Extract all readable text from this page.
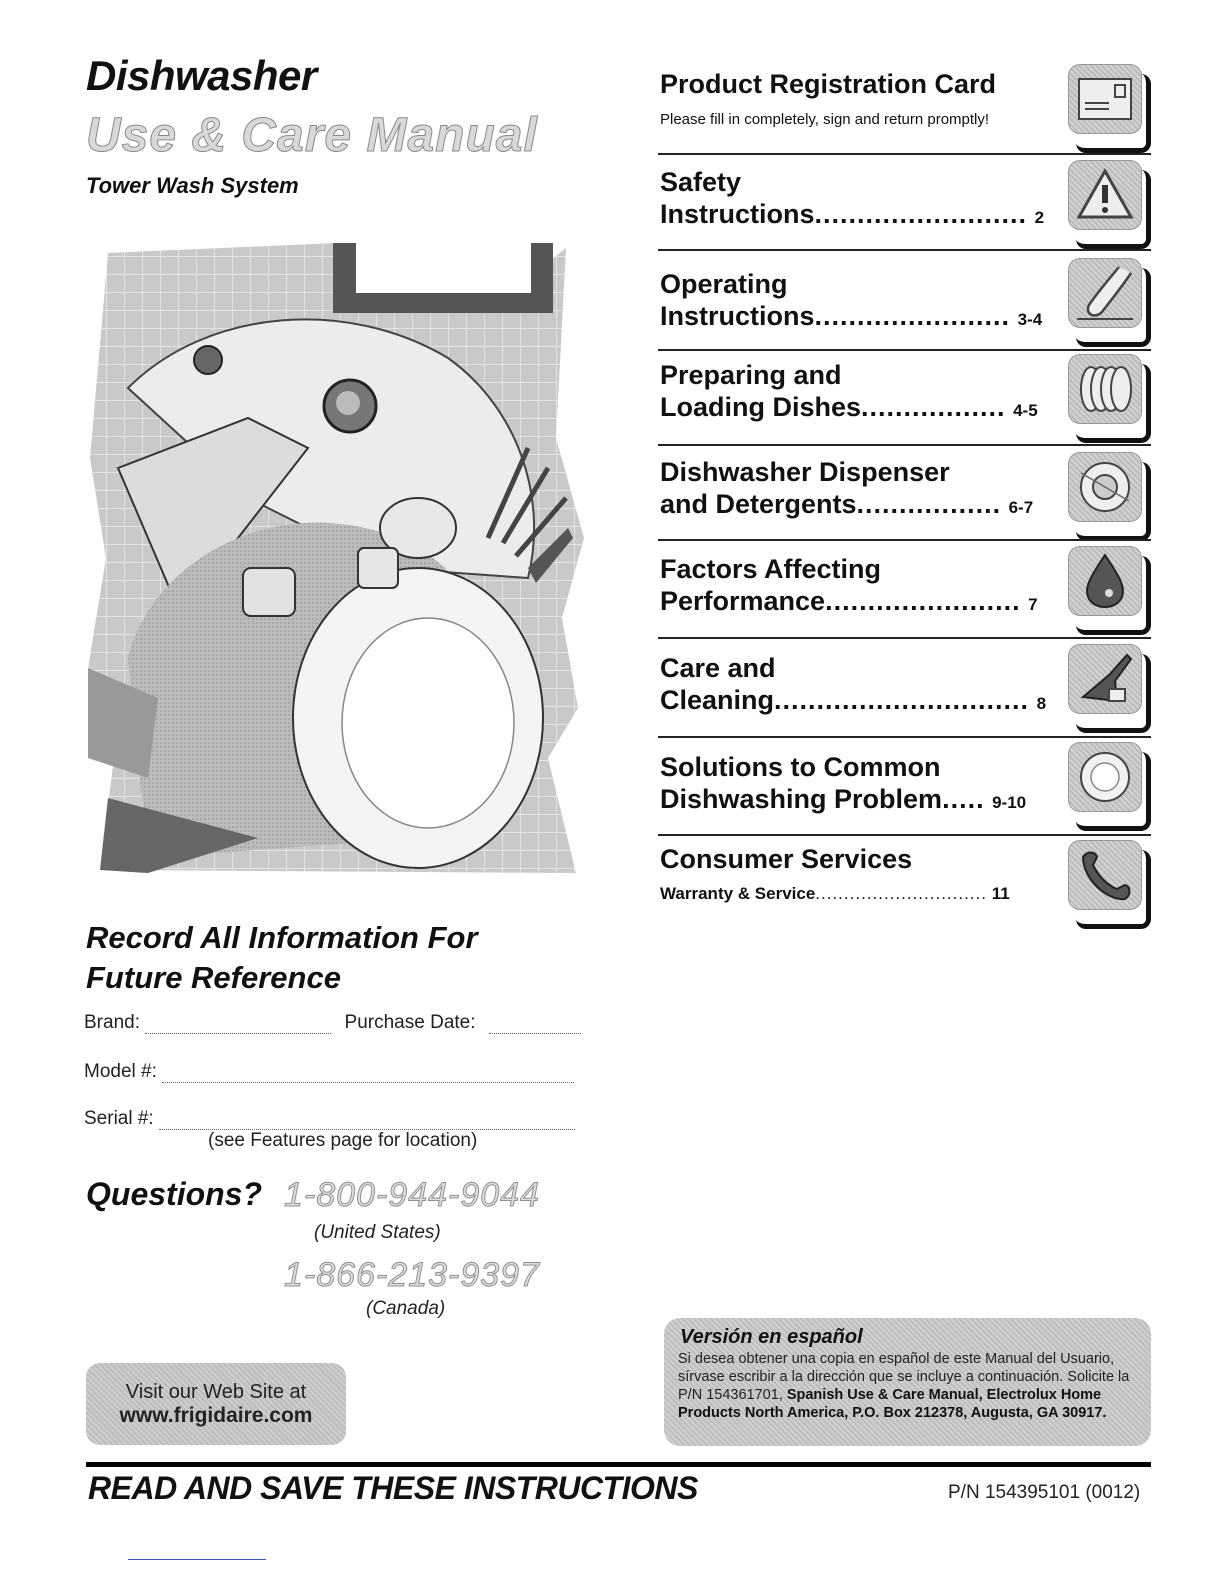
Dishwasher
Use & Care Manual
Tower Wash System
Record All Information For Future Reference
Brand:	Purchase Date:
Model #:
Serial #:
(see Features page for location)
Questions? 1-800-944-9044
(United States)
1-866-213-9397
(Canada)
Visit our Web Site at
www.frigidaire.com
Product Registration Card
Please fill in completely, sign and return promptly!
Safety
Instructions......................... 2
Operating
Instructions....................... 3-4
Preparing and
Loading Dishes................. 4-5
Dishwasher Dispenser
and Detergents................. 6-7
Factors Affecting
Performance....................... 7
Care and
Cleaning.............................. 8
Solutions to Common
Dishwashing Problem..... 9-10
Consumer Services
Warranty & Service.............................. 11
Versión en español
Si desea obtener una copia en español de este Manual del Usuario, sírvase escribir a la dirección que se incluye a continuación. Solicite la P/N 154361701, Spanish Use & Care Manual, Electrolux Home Products North America, P.O. Box 212378, Augusta, GA 30917.
READ AND SAVE THESE INSTRUCTIONS	P/N 154395101 (0012)
